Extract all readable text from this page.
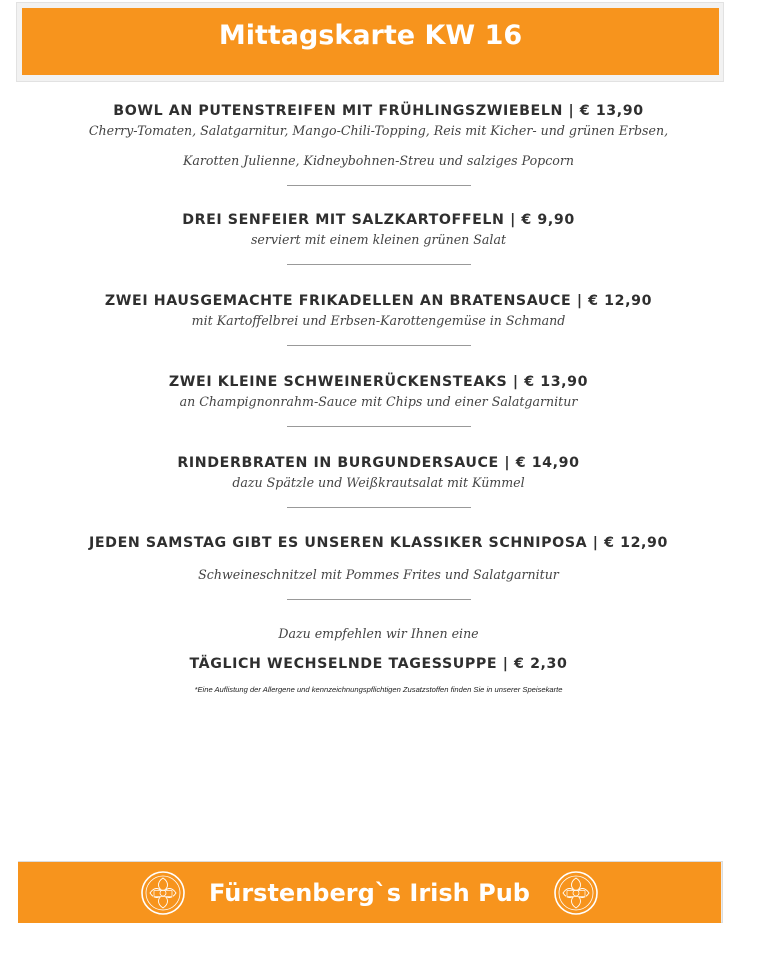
Mittagskarte KW 16
BOWL AN PUTENSTREIFEN MIT FRÜHLINGSZWIEBELN | € 13,90
Cherry-Tomaten, Salatgarnitur, Mango-Chili-Topping, Reis mit Kicher- und grünen Erbsen,
Karotten Julienne, Kidneybohnen-Streu und salziges Popcorn
DREI SENFEIER MIT SALZKARTOFFELN | € 9,90
serviert mit einem kleinen grünen Salat
ZWEI HAUSGEMACHTE FRIKADELLEN AN BRATENSAUCE | € 12,90
mit Kartoffelbrei und Erbsen-Karottengemüse in Schmand
ZWEI KLEINE SCHWEINERÜCKENSTEAKS | € 13,90
an Champignonrahm-Sauce mit Chips und einer Salatgarnitur
RINDERBRATEN IN BURGUNDERSAUCE | € 14,90
dazu Spätzle und Weißkrautsalat mit Kümmel
JEDEN SAMSTAG GIBT ES UNSEREN KLASSIKER SCHNIPOSA | € 12,90
Schweineschnitzel mit Pommes Frites und Salatgarnitur
Dazu empfehlen wir Ihnen eine
TÄGLICH WECHSELNDE TAGESSUPPE | € 2,30
*Eine Auflistung der Allergene und kennzeichnungspflichtigen Zusatzstoffen finden Sie in unserer Speisekarte
Fürstenberg`s Irish Pub
